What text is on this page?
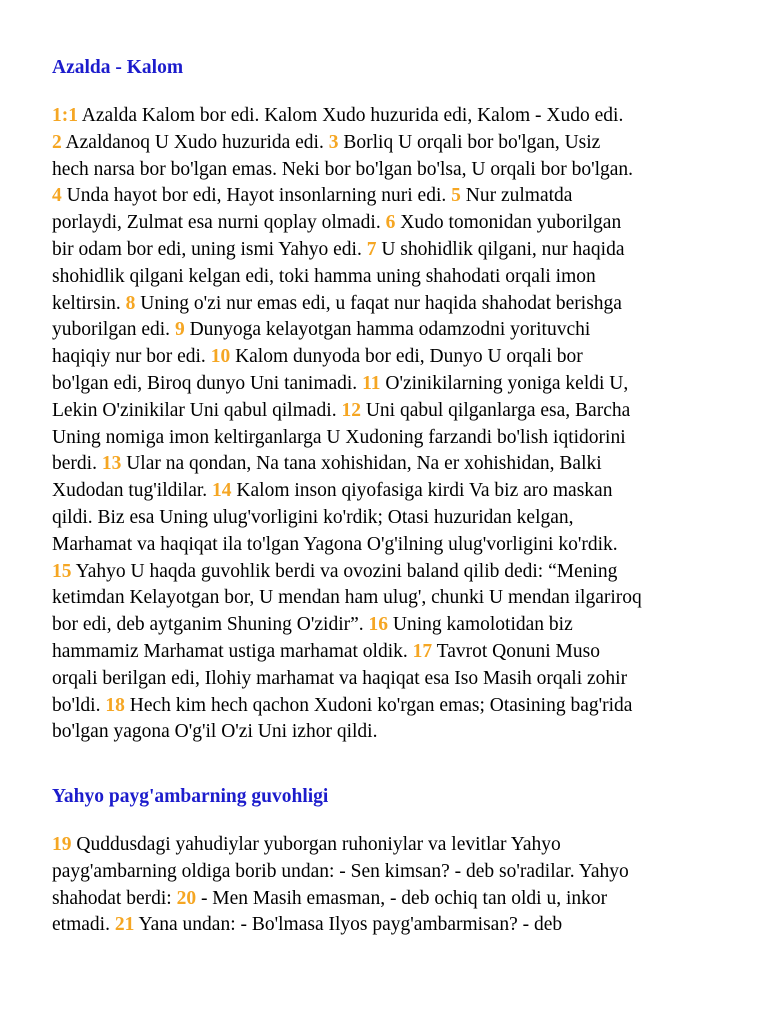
Azalda - Kalom
1:1 Azalda Kalom bor edi. Kalom Xudo huzurida edi, Kalom - Xudo edi.
2 Azaldanoq U Xudo huzurida edi. 3 Borliq U orqali bor bo'lgan, Usiz
hech narsa bor bo'lgan emas. Neki bor bo'lgan bo'lsa, U orqali bor bo'lgan.
4 Unda hayot bor edi, Hayot insonlarning nuri edi. 5 Nur zulmatda
porlaydi, Zulmat esa nurni qoplay olmadi. 6 Xudo tomonidan yuborilgan
bir odam bor edi, uning ismi Yahyo edi. 7 U shohidlik qilgani, nur haqida
shohidlik qilgani kelgan edi, toki hamma uning shahodati orqali imon
keltirsin. 8 Uning o'zi nur emas edi, u faqat nur haqida shahodat berishga
yuborilgan edi. 9 Dunyoga kelayotgan hamma odamzodni yorituvchi
haqiqiy nur bor edi. 10 Kalom dunyoda bor edi, Dunyo U orqali bor
bo'lgan edi, Biroq dunyo Uni tanimadi. 11 O'zinikilarning yoniga keldi U,
Lekin O'zinikilar Uni qabul qilmadi. 12 Uni qabul qilganlarga esa, Barcha
Uning nomiga imon keltirganlarga U Xudoning farzandi bo'lish iqtidorini
berdi. 13 Ular na qondan, Na tana xohishidan, Na er xohishidan, Balki
Xudodan tug'ildilar. 14 Kalom inson qiyofasiga kirdi Va biz aro maskan
qildi. Biz esa Uning ulug'vorligini ko'rdik; Otasi huzuridan kelgan,
Marhamat va haqiqat ila to'lgan Yagona O'g'ilning ulug'vorligini ko'rdik.
15 Yahyo U haqda guvohlik berdi va ovozini baland qilib dedi: “Mening
ketimdan Kelayotgan bor, U mendan ham ulug', chunki U mendan ilgariroq
bor edi, deb aytganim Shuning O'zidir”. 16 Uning kamolotidan biz
hammamiz Marhamat ustiga marhamat oldik. 17 Tavrot Qonuni Muso
orqali berilgan edi, Ilohiy marhamat va haqiqat esa Iso Masih orqali zohir
bo'ldi. 18 Hech kim hech qachon Xudoni ko'rgan emas; Otasining bag'rida
bo'lgan yagona O'g'il O'zi Uni izhor qildi.
Yahyo payg'ambarning guvohligi
19 Quddusdagi yahudiylar yuborgan ruhoniylar va levitlar Yahyo
payg'ambarning oldiga borib undan: - Sen kimsan? - deb so'radilar. Yahyo
shahodat berdi: 20 - Men Masih emasman, - deb ochiq tan oldi u, inkor
etmadi. 21 Yana undan: - Bo'lmasa Ilyos payg'ambarmisan? - deb
